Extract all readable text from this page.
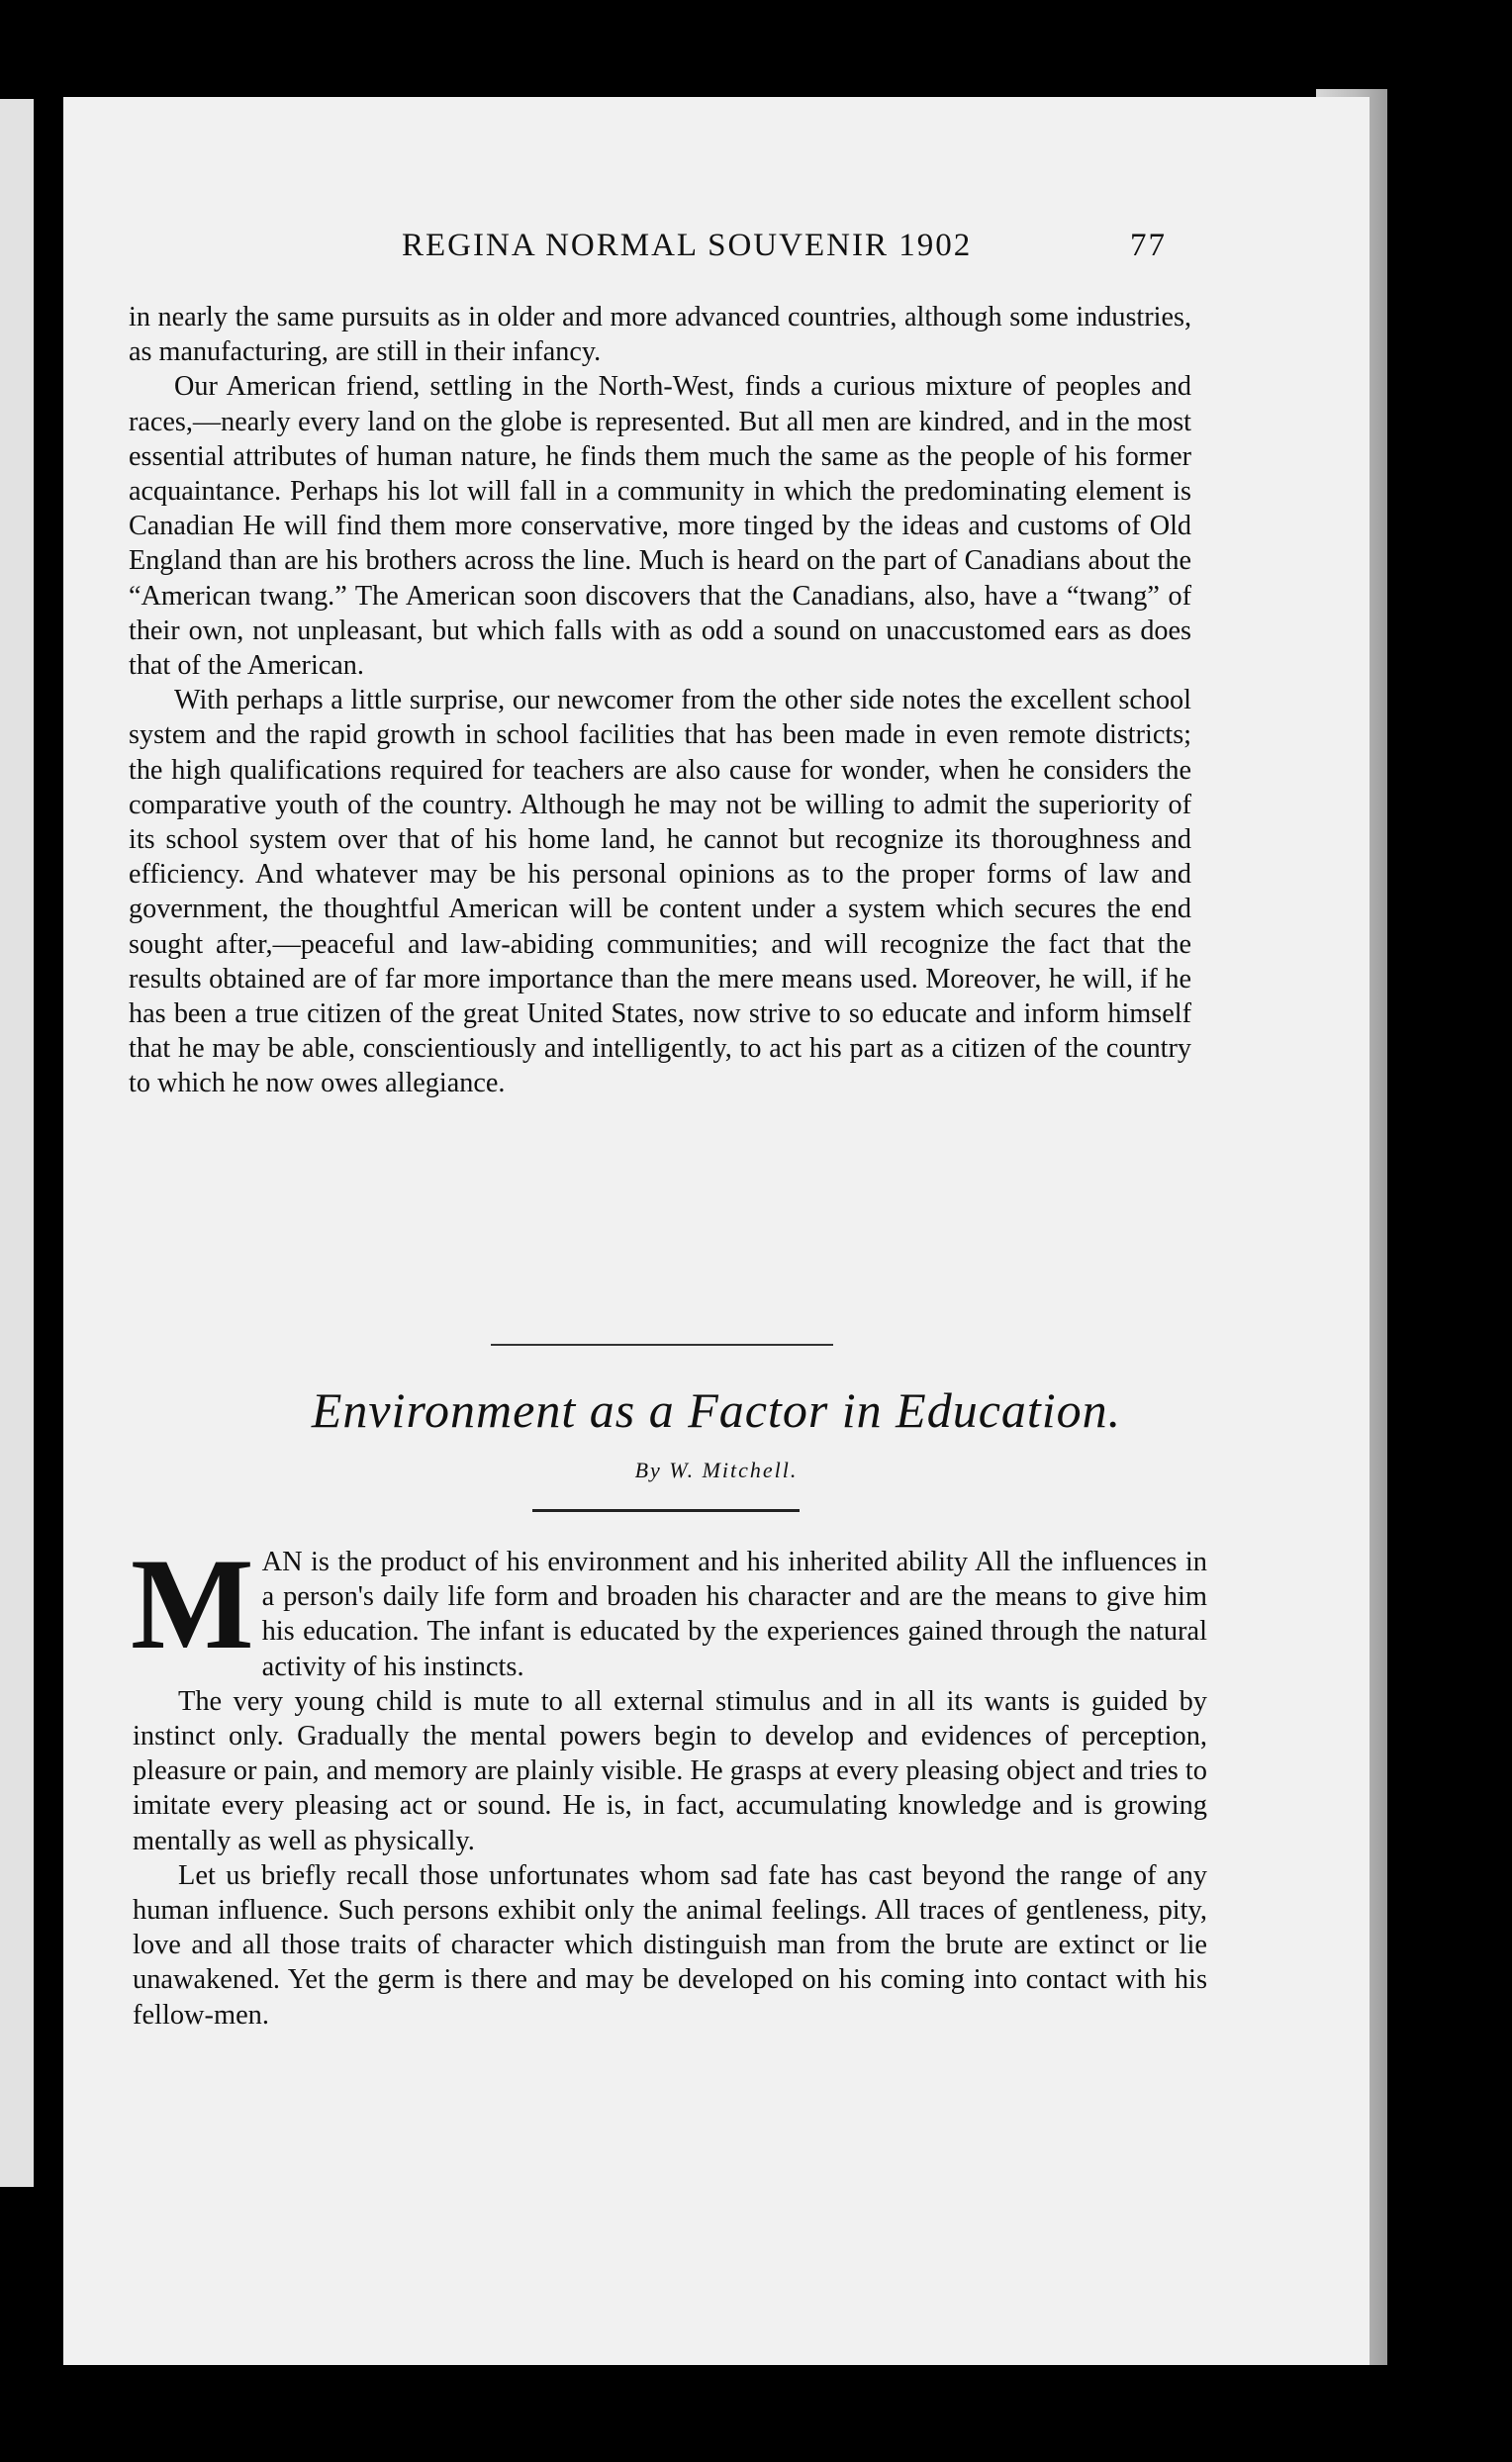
REGINA NORMAL SOUVENIR 1902	77

in nearly the same pursuits as in older and more advanced countries, although some industries, as manufacturing, are still in their infancy.

Our American friend, settling in the North-West, finds a curious mixture of peoples and races,—nearly every land on the globe is represented. But all men are kindred, and in the most essential attributes of human nature, he finds them much the same as the people of his former acquaintance. Perhaps his lot will fall in a community in which the predominating element is Canadian He will find them more conservative, more tinged by the ideas and customs of Old England than are his brothers across the line. Much is heard on the part of Canadians about the “American twang.” The American soon discovers that the Canadians, also, have a “twang” of their own, not unpleasant, but which falls with as odd a sound on unaccustomed ears as does that of the American.

With perhaps a little surprise, our newcomer from the other side notes the excellent school system and the rapid growth in school facilities that has been made in even remote districts; the high qualifications required for teachers are also cause for wonder, when he considers the comparative youth of the country. Although he may not be willing to admit the superiority of its school system over that of his home land, he cannot but recognize its thoroughness and efficiency. And whatever may be his personal opinions as to the proper forms of law and government, the thoughtful American will be content under a system which secures the end sought after,—peaceful and law-abiding communities; and will recognize the fact that the results obtained are of far more importance than the mere means used. Moreover, he will, if he has been a true citizen of the great United States, now strive to so educate and inform himself that he may be able, conscientiously and intelligently, to act his part as a citizen of the country to which he now owes allegiance.

Environment as a Factor in Education.
By W. Mitchell.

M AN is the product of his environment and his inherited ability All the influences in a person's daily life form and broaden his character and are the means to give him his education. The infant is educated by the experiences gained through the natural activity of his instincts.

The very young child is mute to all external stimulus and in all its wants is guided by instinct only. Gradually the mental powers begin to develop and evidences of perception, pleasure or pain, and memory are plainly visible. He grasps at every pleasing object and tries to imitate every pleasing act or sound. He is, in fact, accumulating knowledge and is growing mentally as well as physically.

Let us briefly recall those unfortunates whom sad fate has cast beyond the range of any human influence. Such persons exhibit only the animal feelings. All traces of gentleness, pity, love and all those traits of character which distinguish man from the brute are extinct or lie unawakened. Yet the germ is there and may be developed on his coming into contact with his fellow-men.
